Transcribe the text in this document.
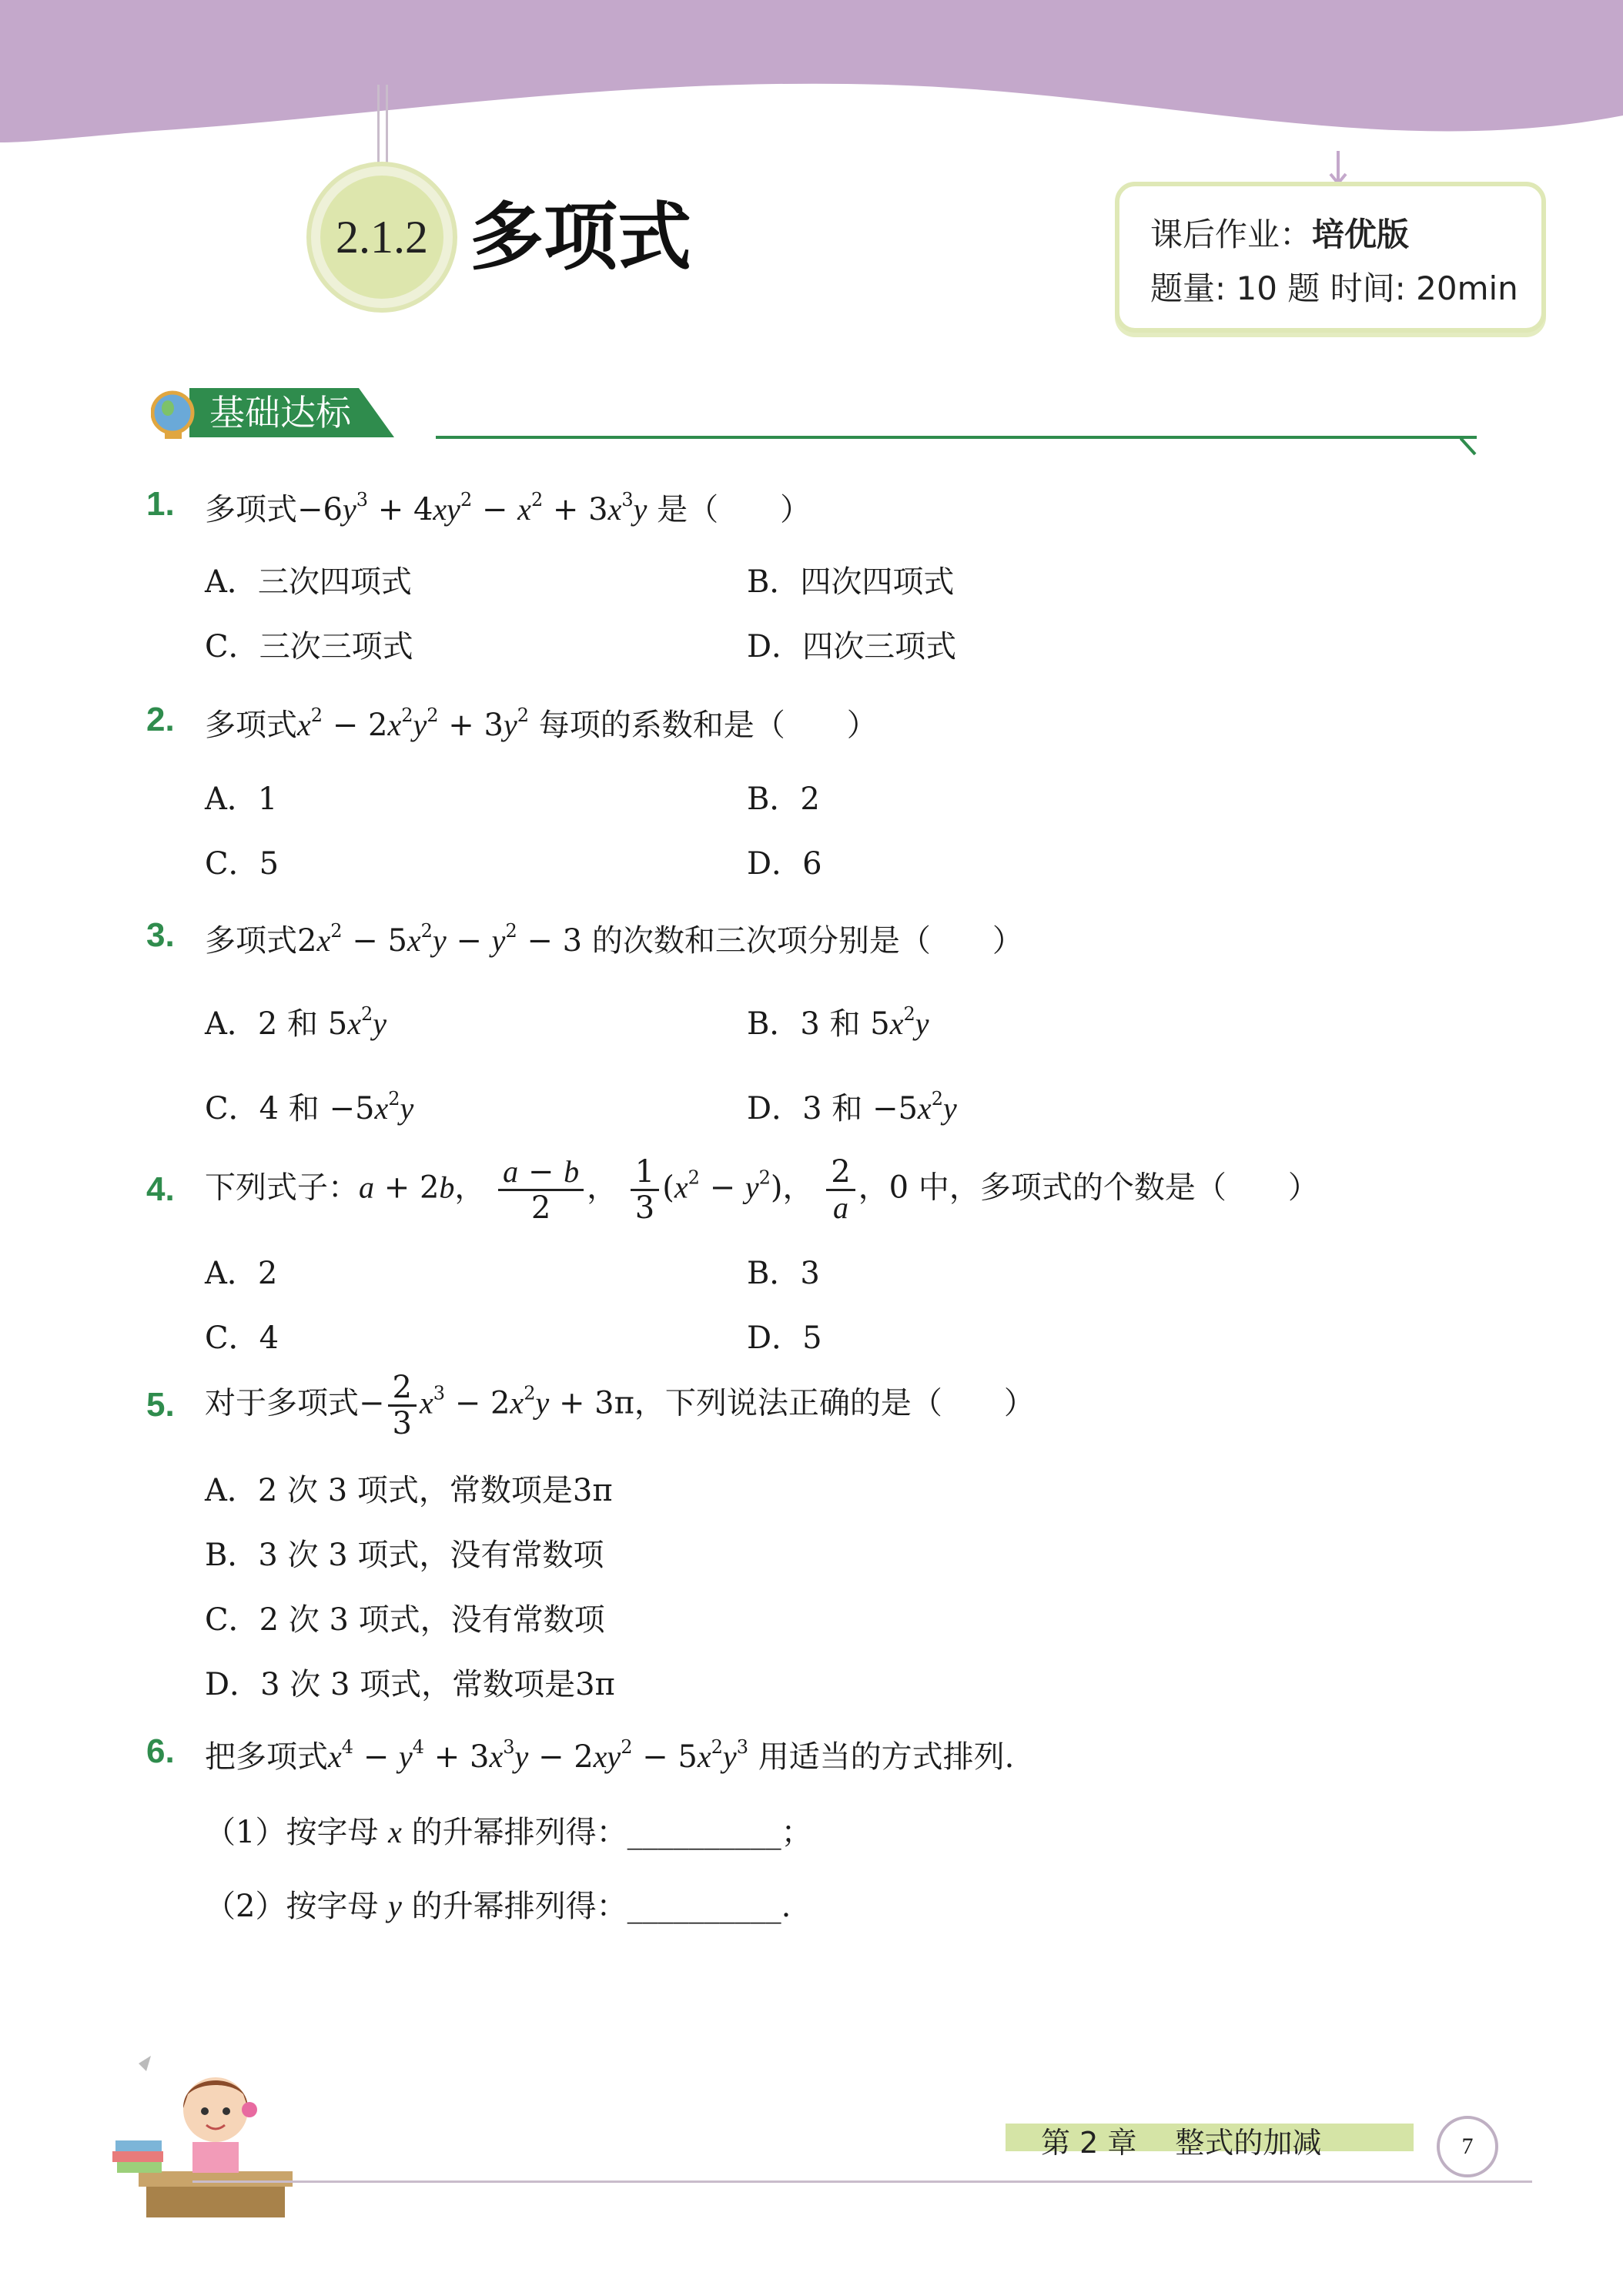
2.1.2 多项式	课后作业：培优版
题量: 10 题 时间: 20min
基础达标
1. 多项式$-6y^3 + 4xy^2 - x^2 + 3x^3y$ 是（　　）
A．三次四项式	B．四次四项式
C．三次三项式	D．四次三项式
2. 多项式$x^2 - 2x^2y^2 + 3y^2$ 每项的系数和是（　　）
A．1	B．2
C．5	D．6
3. 多项式$2x^2 - 5x^2y - y^2 - 3$ 的次数和三次项分别是（　　）
A．2 和 $5x^2y$	B．3 和 $5x^2y$
C．4 和 $-5x^2y$	D．3 和 $-5x^2y$
4. 下列式子：a + 2b， $\frac{a - b}{2}$ ， $\frac{1}{3} (x^2 - y^2)$， $\frac{2}{a}$ ，0 中，多项式的个数是（　　）
A．2	B．3
C．4	D．5
5. 对于多项式− $\frac{2}{3} x^3 - 2x^2y + 3\pi$，下列说法正确的是（　　）
A．2 次 3 项式，常数项是3π
B．3 次 3 项式，没有常数项
C．2 次 3 项式，没有常数项
D．3 次 3 项式，常数项是3π
6. 把多项式$x^4 - y^4 + 3x^3y - 2xy^2 - 5x^2y^3$ 用适当的方式排列.
（1）按字母 x 的升幂排列得：__________；
（2）按字母 y 的升幂排列得：__________.
第 2 章　 整式的加减	7
